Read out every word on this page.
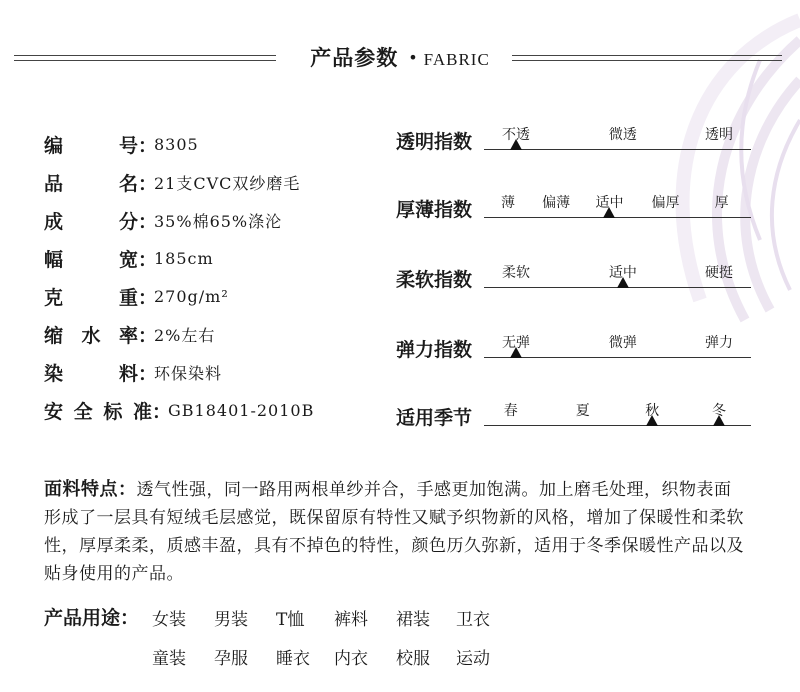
产品参数 • FABRIC
编	号 ：
8305
品	名 ：
21支CVC双纱磨毛
成	分 ：
35%棉65%涤沦
幅	宽 ：
185cm
克	重 ：
270g/m²
缩 水 率 ：
2%左右
染	料 ：
环保染料
安 全 标 准 ：
GB18401-2010B
透明指数 不透	微透	透明
厚薄指数 薄 偏薄 适中 偏厚	厚
柔软指数 柔软	适中	硬挺
弹力指数 无弹	微弹	弹力
适用季节 春	夏	秋	冬
面料特点：透气性强，同一路用两根单纱并合，手感更加饱满。加上磨毛处理，织物表面形成了一层具有短绒毛层感觉，既保留原有特性又赋予织物新的风格，增加了保暖性和柔软性，厚厚柔柔，质感丰盈，具有不掉色的特性，颜色历久弥新，适用于冬季保暖性产品以及贴身使用的产品。
产品用途： 女装 男装 T恤 裤料 裙装 卫衣
童装 孕服 睡衣 内衣 校服 运动
